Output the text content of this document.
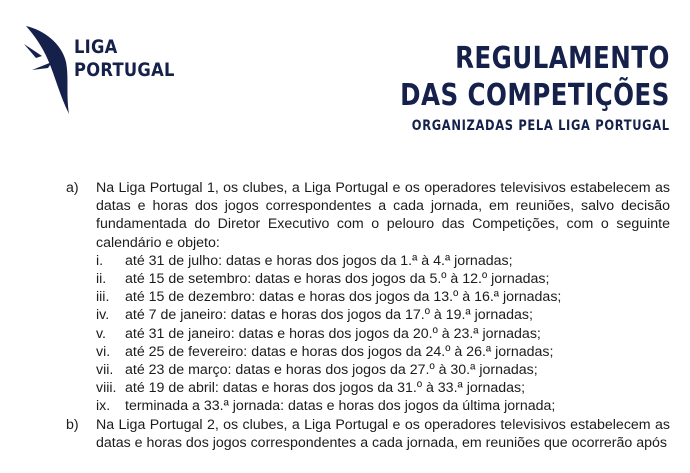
LIGA
PORTUGAL	REGULAMENTO
DAS COMPETIÇÕES
ORGANIZADAS PELA LIGA PORTUGAL
a) Na Liga Portugal 1, os clubes, a Liga Portugal e os operadores televisivos estabelecem as datas e horas dos jogos correspondentes a cada jornada, em reuniões, salvo decisão fundamentada do Diretor Executivo com o pelouro das Competições, com o seguinte calendário e objeto:
i. até 31 de julho: datas e horas dos jogos da 1.ª à 4.ª jornadas;
ii. até 15 de setembro: datas e horas dos jogos da 5.º à 12.º jornadas;
iii. até 15 de dezembro: datas e horas dos jogos da 13.º à 16.ª jornadas;
iv. até 7 de janeiro: datas e horas dos jogos da 17.º à 19.ª jornadas;
v. até 31 de janeiro: datas e horas dos jogos da 20.º à 23.ª jornadas;
vi. até 25 de fevereiro: datas e horas dos jogos da 24.º à 26.ª jornadas;
vii. até 23 de março: datas e horas dos jogos da 27.º à 30.ª jornadas;
viii. até 19 de abril: datas e horas dos jogos da 31.º à 33.ª jornadas;
ix. terminada a 33.ª jornada: datas e horas dos jogos da última jornada;
b) Na Liga Portugal 2, os clubes, a Liga Portugal e os operadores televisivos estabelecem as datas e horas dos jogos correspondentes a cada jornada, em reuniões que ocorrerão após
